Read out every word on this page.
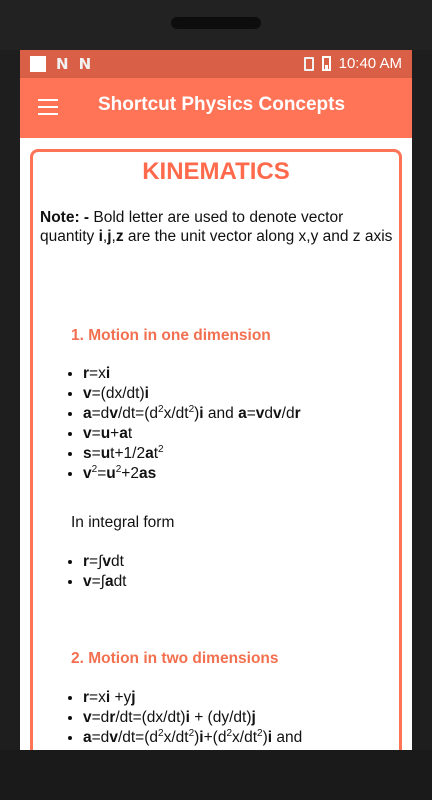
N N	10:40 AM
Shortcut Physics Concepts
KINEMATICS
Note: - Bold letter are used to denote vector quantity i,j,z are the unit vector along x,y and z axis
1. Motion in one dimension
• r=xi
• v=(dx/dt)i
• $a=dv/dt=(d^2x/dt^2)i$ and a=vdv/dr
• v=u+at
• $s=ut+1/2at^2$
• $v^2=u^2+2as$
In integral form
• r=∫vdt
• v=∫adt
2. Motion in two dimensions
• r=xi +yj
• v=dr/dt=(dx/dt)i + (dy/dt)j
• $a=dv/dt=(d^2x/dt^2)i+(d^2x/dt^2)i$ and
